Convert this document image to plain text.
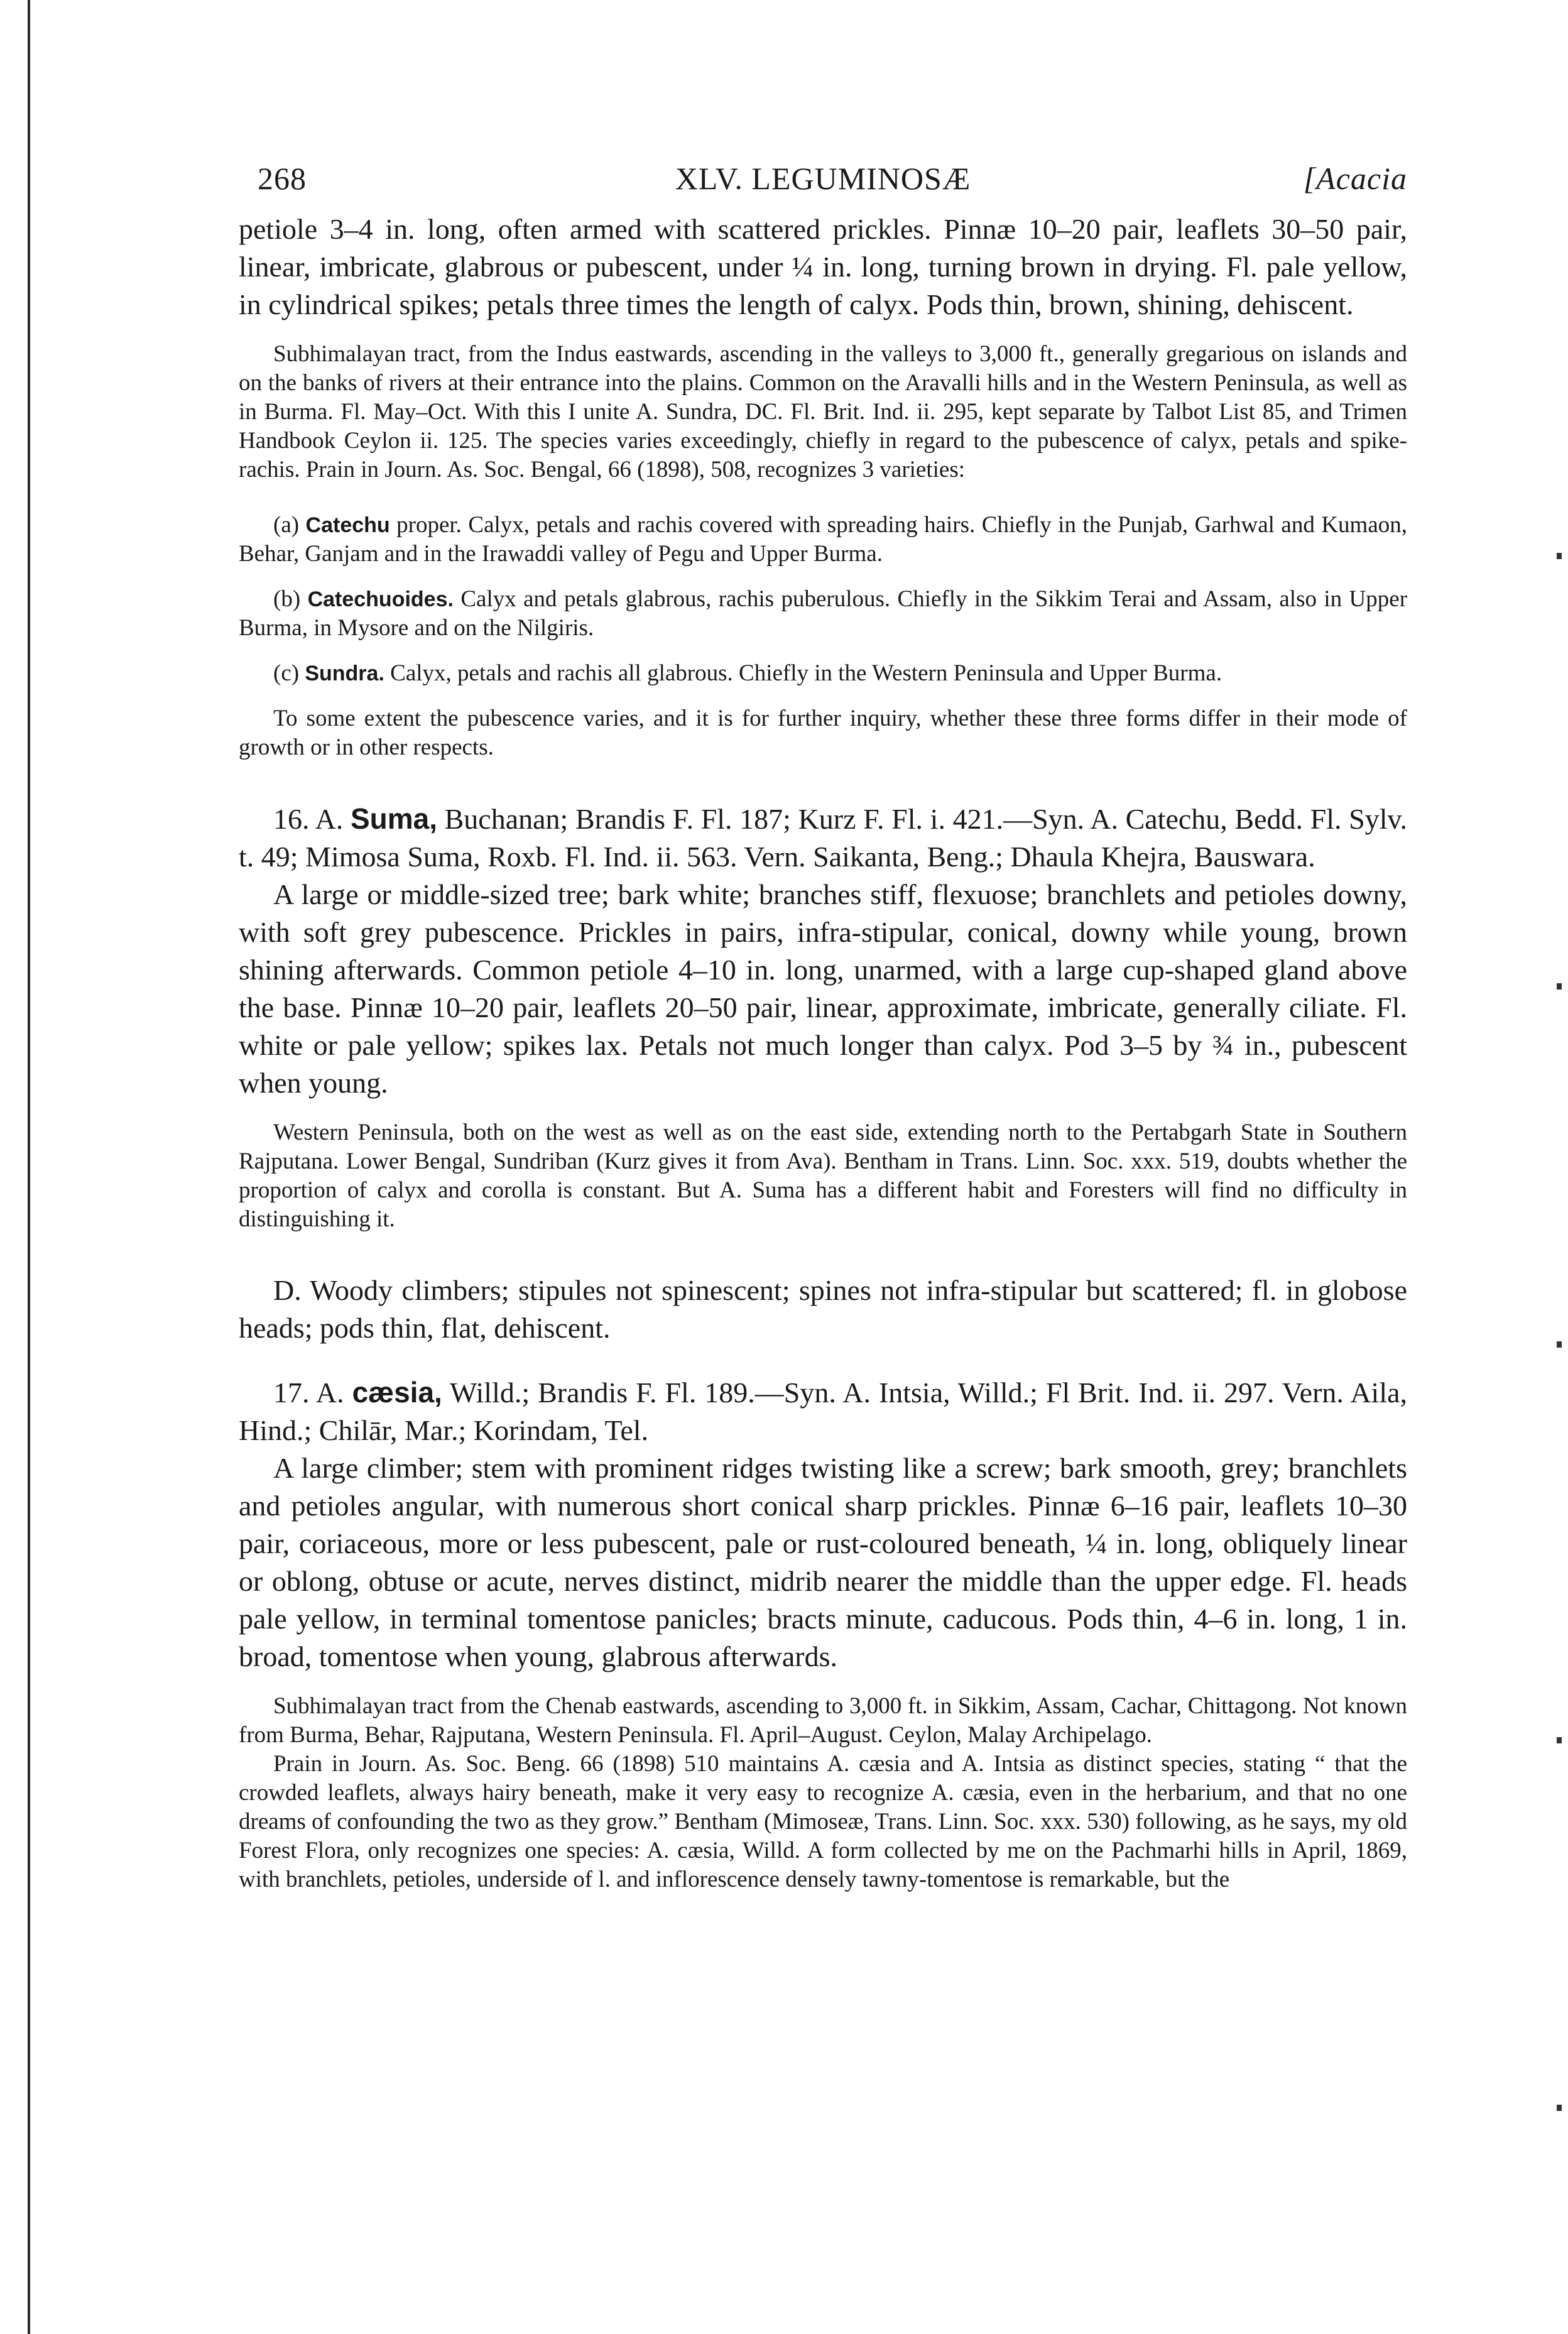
268	XLV. LEGUMINOSÆ	[Acacia

petiole 3–4 in. long, often armed with scattered prickles. Pinnæ 10–20 pair, leaflets 30–50 pair, linear, imbricate, glabrous or pubescent, under ¼ in. long, turning brown in drying. Fl. pale yellow, in cylindrical spikes; petals three times the length of calyx. Pods thin, brown, shining, dehiscent.

Subhimalayan tract, from the Indus eastwards, ascending in the valleys to 3,000 ft., generally gregarious on islands and on the banks of rivers at their entrance into the plains. Common on the Aravalli hills and in the Western Peninsula, as well as in Burma. Fl. May–Oct. With this I unite A. Sundra, DC. Fl. Brit. Ind. ii. 295, kept separate by Talbot List 85, and Trimen Handbook Ceylon ii. 125. The species varies exceedingly, chiefly in regard to the pubescence of calyx, petals and spike-rachis. Prain in Journ. As. Soc. Bengal, 66 (1898), 508, recognizes 3 varieties:

(a) Catechu proper. Calyx, petals and rachis covered with spreading hairs. Chiefly in the Punjab, Garhwal and Kumaon, Behar, Ganjam and in the Irawaddi valley of Pegu and Upper Burma.

(b) Catechuoides. Calyx and petals glabrous, rachis puberulous. Chiefly in the Sikkim Terai and Assam, also in Upper Burma, in Mysore and on the Nilgiris.

(c) Sundra. Calyx, petals and rachis all glabrous. Chiefly in the Western Peninsula and Upper Burma.

To some extent the pubescence varies, and it is for further inquiry, whether these three forms differ in their mode of growth or in other respects.

16. A. Suma, Buchanan; Brandis F. Fl. 187; Kurz F. Fl. i. 421.—Syn. A. Catechu, Bedd. Fl. Sylv. t. 49; Mimosa Suma, Roxb. Fl. Ind. ii. 563. Vern. Saikanta, Beng.; Dhaula Khejra, Bauswara.

A large or middle-sized tree; bark white; branches stiff, flexuose; branchlets and petioles downy, with soft grey pubescence. Prickles in pairs, infra-stipular, conical, downy while young, brown shining afterwards. Common petiole 4–10 in. long, unarmed, with a large cup-shaped gland above the base. Pinnæ 10–20 pair, leaflets 20–50 pair, linear, approximate, imbricate, generally ciliate. Fl. white or pale yellow; spikes lax. Petals not much longer than calyx. Pod 3–5 by ¾ in., pubescent when young.

Western Peninsula, both on the west as well as on the east side, extending north to the Pertabgarh State in Southern Rajputana. Lower Bengal, Sundriban (Kurz gives it from Ava). Bentham in Trans. Linn. Soc. xxx. 519, doubts whether the proportion of calyx and corolla is constant. But A. Suma has a different habit and Foresters will find no difficulty in distinguishing it.

D. Woody climbers; stipules not spinescent; spines not infra-stipular but scattered; fl. in globose heads; pods thin, flat, dehiscent.

17. A. cæsia, Willd.; Brandis F. Fl. 189.—Syn. A. Intsia, Willd.; Fl Brit. Ind. ii. 297. Vern. Aila, Hind.; Chilār, Mar.; Korindam, Tel.

A large climber; stem with prominent ridges twisting like a screw; bark smooth, grey; branchlets and petioles angular, with numerous short conical sharp prickles. Pinnæ 6–16 pair, leaflets 10–30 pair, coriaceous, more or less pubescent, pale or rust-coloured beneath, ¼ in. long, obliquely linear or oblong, obtuse or acute, nerves distinct, midrib nearer the middle than the upper edge. Fl. heads pale yellow, in terminal tomentose panicles; bracts minute, caducous. Pods thin, 4–6 in. long, 1 in. broad, tomentose when young, glabrous afterwards.

Subhimalayan tract from the Chenab eastwards, ascending to 3,000 ft. in Sikkim, Assam, Cachar, Chittagong. Not known from Burma, Behar, Rajputana, Western Peninsula. Fl. April–August. Ceylon, Malay Archipelago.

Prain in Journ. As. Soc. Beng. 66 (1898) 510 maintains A. cæsia and A. Intsia as distinct species, stating “ that the crowded leaflets, always hairy beneath, make it very easy to recognize A. cæsia, even in the herbarium, and that no one dreams of confounding the two as they grow.” Bentham (Mimoseæ, Trans. Linn. Soc. xxx. 530) following, as he says, my old Forest Flora, only recognizes one species: A. cæsia, Willd. A form collected by me on the Pachmarhi hills in April, 1869, with branchlets, petioles, underside of l. and inflorescence densely tawny-tomentose is remarkable, but the
